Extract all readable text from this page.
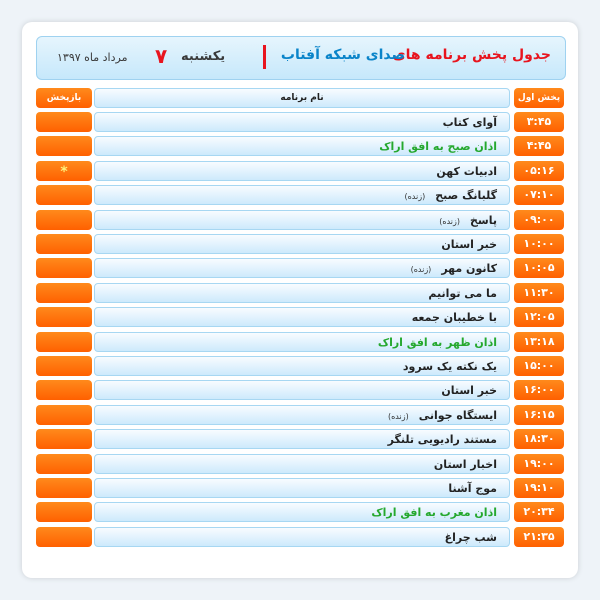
جدول پخش برنامه های
صدای شبکه آفتاب
یکشنبه
۷
مرداد ماه ۱۳۹۷
پخش اول
نام برنامه
بازپخش
۳:۴۵
آوای کتاب
۴:۴۵
اذان صبح به افق اراک
۰۵:۱۶
ادبیات کهن
*
۰۷:۱۰
گلبانگ صبح(زنده)
۰۹:۰۰
پاسخ(زنده)
۱۰:۰۰
خبر استان
۱۰:۰۵
کانون مهر(زنده)
۱۱:۳۰
ما می توانیم
۱۲:۰۵
با خطیبان جمعه
۱۳:۱۸
اذان ظهر به افق اراک
۱۵:۰۰
یک نکته یک سرود
۱۶:۰۰
خبر استان
۱۶:۱۵
ایستگاه جوانی(زنده)
۱۸:۳۰
مستند رادیویی تلنگر
۱۹:۰۰
اخبار استان
۱۹:۱۰
موج آشنا
۲۰:۳۴
اذان مغرب به افق اراک
۲۱:۳۵
شب چراغ
